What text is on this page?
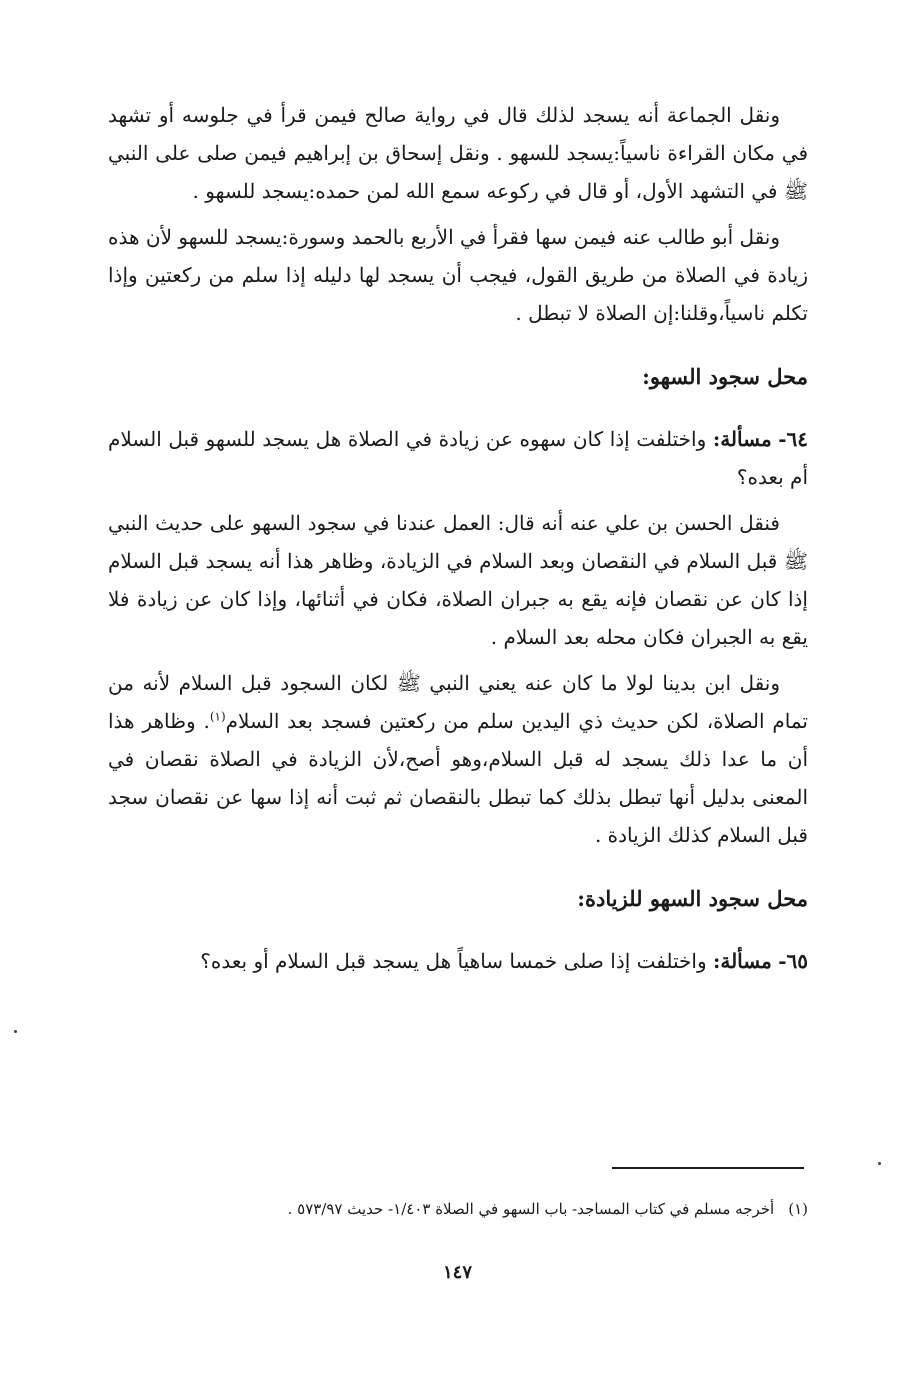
ونقل الجماعة أنه يسجد لذلك قال في رواية صالح فيمن قرأ في جلوسه أو تشهد في مكان القراءة ناسياً:يسجد للسهو . ونقل إسحاق بن إبراهيم فيمن صلى على النبي ﷺ في التشهد الأول، أو قال في ركوعه سمع الله لمن حمده:يسجد للسهو .

ونقل أبو طالب عنه فيمن سها فقرأ في الأربع بالحمد وسورة:يسجد للسهو لأن هذه زيادة في الصلاة من طريق القول، فيجب أن يسجد لها دليله إذا سلم من ركعتين وإذا تكلم ناسياً،وقلنا:إن الصلاة لا تبطل .

محل سجود السهو:

٦٤- مسألة: واختلفت إذا كان سهوه عن زيادة في الصلاة هل يسجد للسهو قبل السلام أم بعده؟

فنقل الحسن بن علي عنه أنه قال: العمل عندنا في سجود السهو على حديث النبي ﷺ قبل السلام في النقصان وبعد السلام في الزيادة، وظاهر هذا أنه يسجد قبل السلام إذا كان عن نقصان فإنه يقع به جبران الصلاة، فكان في أثنائها، وإذا كان عن زيادة فلا يقع به الجبران فكان محله بعد السلام .

ونقل ابن بدينا لولا ما كان عنه يعني النبي ﷺ لكان السجود قبل السلام لأنه من تمام الصلاة، لكن حديث ذي اليدين سلم من ركعتين فسجد بعد السلام$^{(١)}$. وظاهر هذا أن ما عدا ذلك يسجد له قبل السلام،وهو أصح،لأن الزيادة في الصلاة نقصان في المعنى بدليل أنها تبطل بذلك كما تبطل بالنقصان ثم ثبت أنه إذا سها عن نقصان سجد قبل السلام كذلك الزيادة .

محل سجود السهو للزيادة:

٦٥- مسألة: واختلفت إذا صلى خمسا ساهياً هل يسجد قبل السلام أو بعده؟

(١)أخرجه مسلم في كتاب المساجد- باب السهو في الصلاة ١/٤٠٣- حديث ٥٧٣/٩٧ .
١٤٧
